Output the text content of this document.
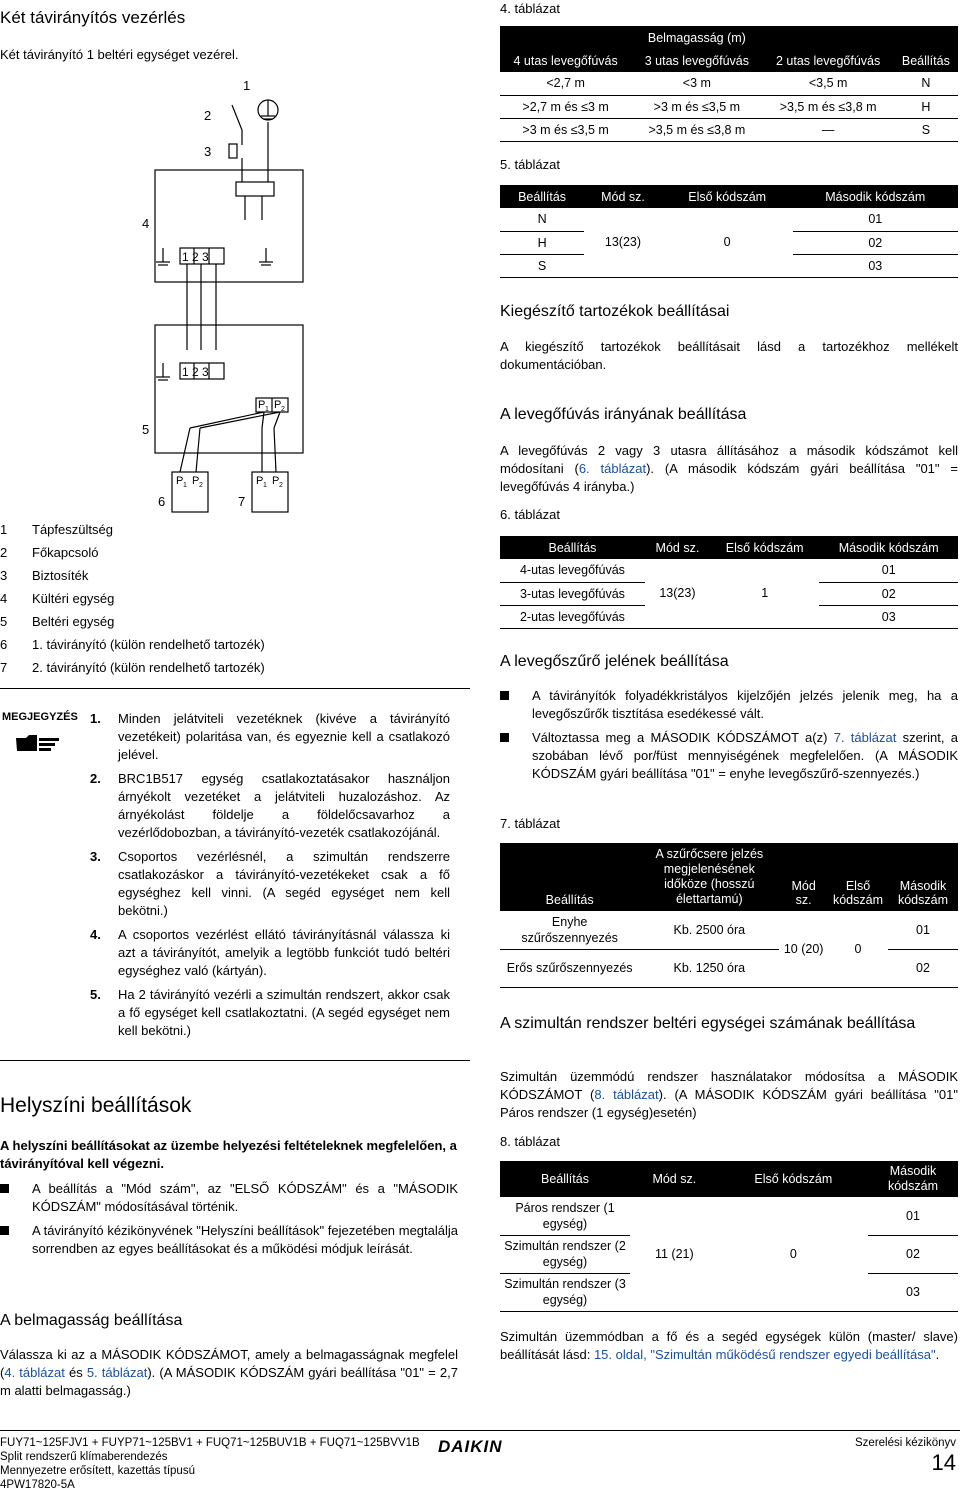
Két távirányítós vezérlés
Két távirányító 1 beltéri egységet vezérel.
1
2
3
4
5
6	7
1 2 3
1 2 3
P 1 P 2
P 1 P 2	P 1 P 2
1 Tápfeszültség
2 Főkapcsoló
3 Biztosíték
4 Kültéri egység
5 Beltéri egység
6 1. távirányító (külön rendelhető tartozék)
7 2. távirányító (külön rendelhető tartozék)
MEGJEGYZÉS 1. Minden jelátviteli vezetéknek (kivéve a távirányító vezetékeit) polaritása van, és egyeznie kell a csatlakozó jelével.
2. BRC1B517 egység csatlakoztatásakor használjon árnyékolt vezetéket a jelátviteli huzalozáshoz. Az árnyékolást földelje a földelőcsavarhoz a vezérlődobozban, a távirányító-vezeték csatlakozójánál.
3. Csoportos vezérlésnél, a szimultán rendszerre csatlakozáskor a távirányító-vezetékeket csak a fő egységhez kell vinni. (A segéd egységet nem kell bekötni.)
4. A csoportos vezérlést ellátó távirányításnál válassza ki azt a távirányítót, amelyik a legtöbb funkciót tudó beltéri egységhez való (kártyán).
5. Ha 2 távirányító vezérli a szimultán rendszert, akkor csak a fő egységet kell csatlakoztatni. (A segéd egységet nem kell bekötni.)
Helyszíni beállítások
A helyszíni beállításokat az üzembe helyezési feltételeknek megfelelően, a távirányítóval kell végezni.
A beállítás a "Mód szám", az "ELSŐ KÓDSZÁM" és a "MÁSODIK KÓDSZÁM" módosításával történik.
A távirányító kézikönyvének "Helyszíni beállítások" fejezetében megtalálja sorrendben az egyes beállításokat és a működési módjuk leírását.
A belmagasság beállítása
Válassza ki az a MÁSODIK KÓDSZÁMOT, amely a belmagasságnak megfelel (4. táblázat és 5. táblázat). (A MÁSODIK KÓDSZÁM gyári beállítása "01" = 2,7 m alatti belmagasság.)
4. táblázat
Belmagasság (m)			
4 utas levegőfúvás	3 utas levegőfúvás	2 utas levegőfúvás	Beállítás
<2,7 m	<3 m	<3,5 m	N
>2,7 m és ≤3 m	>3 m és ≤3,5 m	>3,5 m és ≤3,8 m	H
>3 m és ≤3,5 m	>3,5 m és ≤3,8 m	—	S
5. táblázat
Beállítás	Mód sz.	Első kódszám	Második kódszám
N	13(23)	0	01
H			02
S			03
Kiegészítő tartozékok beállításai
A kiegészítő tartozékok beállításait lásd a tartozékhoz mellékelt dokumentációban.
A levegőfúvás irányának beállítása
A levegőfúvás 2 vagy 3 utasra állításához a második kódszámot kell módosítani (6. táblázat). (A második kódszám gyári beállítása "01" = levegőfúvás 4 irányba.)
6. táblázat
Beállítás	Mód sz.	Első kódszám	Második kódszám
4-utas levegőfúvás	13(23)	1	01
3-utas levegőfúvás			02
2-utas levegőfúvás			03
A levegőszűrő jelének beállítása
A távirányítók folyadékkristályos kijelzőjén jelzés jelenik meg, ha a levegőszűrők tisztítása esedékessé vált.
Változtassa meg a MÁSODIK KÓDSZÁMOT a(z) 7. táblázat szerint, a szobában lévő por/füst mennyiségének megfelelően. (A MÁSODIK KÓDSZÁM gyári beállítása "01" = enyhe levegőszűrő-szennyezés.)
7. táblázat
Beállítás	A szűrőcsere jelzés megjelenésének időköze (hosszú élettartamú)	Mód sz.	Első kódszám	Második kódszám
Enyhe szűrőszennyezés	Kb. 2500 óra	10 (20)	0	01
Erős szűrőszennyezés	Kb. 1250 óra			02
A szimultán rendszer beltéri egységei számának beállítása
Szimultán üzemmódú rendszer használatakor módosítsa a MÁSODIK KÓDSZÁMOT (8. táblázat). (A MÁSODIK KÓDSZÁM gyári beállítása "01" Páros rendszer (1 egység)esetén)
8. táblázat
Beállítás	Mód sz.	Első kódszám	Második kódszám
Páros rendszer (1 egység)	11 (21)	0	01
Szimultán rendszer (2 egység)			02
Szimultán rendszer (3 egység)			03
Szimultán üzemmódban a fő és a segéd egységek külön (master/ slave) beállítását lásd: 15. oldal, "Szimultán működésű rendszer egyedi beállítása".
FUY71~125FJV1 + FUYP71~125BV1 + FUQ71~125BUV1B + FUQ71~125BVV1B
Split rendszerű klímaberendezés
Mennyezetre erősített, kazettás típusú
4PW17820-5A
DAIKIN	Szerelési kézikönyv
14
